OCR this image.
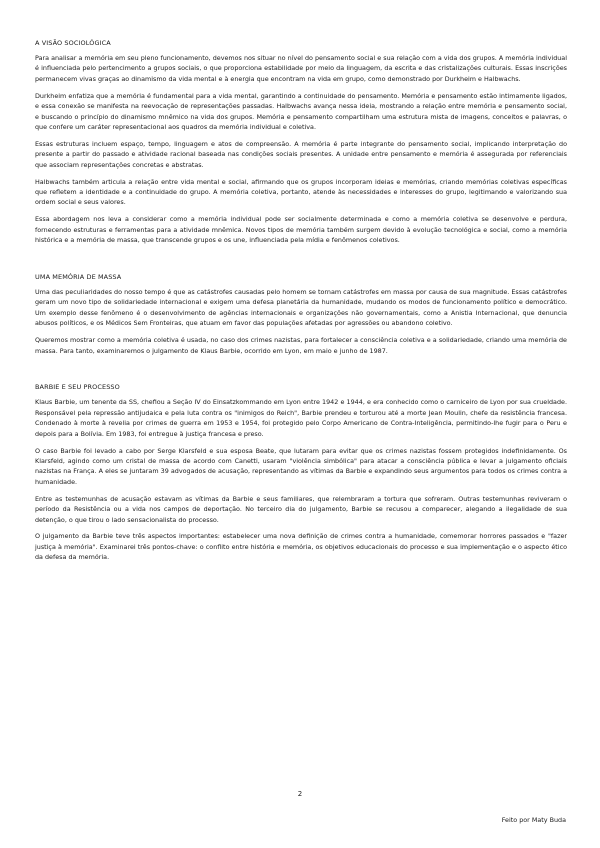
A VISÃO SOCIOLÓGICA

Para analisar a memória em seu pleno funcionamento, devemos nos situar no nível do pensamento social e sua relação com a vida dos grupos. A memória individual é influenciada pelo pertencimento a grupos sociais, o que proporciona estabilidade por meio da linguagem, da escrita e das cristalizações culturais. Essas inscrições permanecem vivas graças ao dinamismo da vida mental e à energia que encontram na vida em grupo, como demonstrado por Durkheim e Halbwachs.

Durkheim enfatiza que a memória é fundamental para a vida mental, garantindo a continuidade do pensamento. Memória e pensamento estão intimamente ligados, e essa conexão se manifesta na reevocação de representações passadas. Halbwachs avança nessa ideia, mostrando a relação entre memória e pensamento social, e buscando o princípio do dinamismo mnêmico na vida dos grupos. Memória e pensamento compartilham uma estrutura mista de imagens, conceitos e palavras, o que confere um caráter representacional aos quadros da memória individual e coletiva.

Essas estruturas incluem espaço, tempo, linguagem e atos de compreensão. A memória é parte integrante do pensamento social, implicando interpretação do presente a partir do passado e atividade racional baseada nas condições sociais presentes. A unidade entre pensamento e memória é assegurada por referenciais que associam representações concretas e abstratas.

Halbwachs também articula a relação entre vida mental e social, afirmando que os grupos incorporam ideias e memórias, criando memórias coletivas específicas que refletem a identidade e a continuidade do grupo. A memória coletiva, portanto, atende às necessidades e interesses do grupo, legitimando e valorizando sua ordem social e seus valores.

Essa abordagem nos leva a considerar como a memória individual pode ser socialmente determinada e como a memória coletiva se desenvolve e perdura, fornecendo estruturas e ferramentas para a atividade mnêmica. Novos tipos de memória também surgem devido à evolução tecnológica e social, como a memória histórica e a memória de massa, que transcende grupos e os une, influenciada pela mídia e fenômenos coletivos.

UMA MEMÓRIA DE MASSA

Uma das peculiaridades do nosso tempo é que as catástrofes causadas pelo homem se tornam catástrofes em massa por causa de sua magnitude. Essas catástrofes geram um novo tipo de solidariedade internacional e exigem uma defesa planetária da humanidade, mudando os modos de funcionamento político e democrático. Um exemplo desse fenômeno é o desenvolvimento de agências internacionais e organizações não governamentais, como a Anistia Internacional, que denuncia abusos políticos, e os Médicos Sem Fronteiras, que atuam em favor das populações afetadas por agressões ou abandono coletivo.

Queremos mostrar como a memória coletiva é usada, no caso dos crimes nazistas, para fortalecer a consciência coletiva e a solidariedade, criando uma memória de massa. Para tanto, examinaremos o julgamento de Klaus Barbie, ocorrido em Lyon, em maio e junho de 1987.

BARBIE E SEU PROCESSO

Klaus Barbie, um tenente da SS, chefiou a Seção IV do Einsatzkommando em Lyon entre 1942 e 1944, e era conhecido como o carniceiro de Lyon por sua crueldade. Responsável pela repressão antijudaica e pela luta contra os "inimigos do Reich", Barbie prendeu e torturou até a morte Jean Moulin, chefe da resistência francesa. Condenado à morte à revelia por crimes de guerra em 1953 e 1954, foi protegido pelo Corpo Americano de Contra-Inteligência, permitindo-lhe fugir para o Peru e depois para a Bolívia. Em 1983, foi entregue à justiça francesa e preso.

O caso Barbie foi levado a cabo por Serge Klarsfeld e sua esposa Beate, que lutaram para evitar que os crimes nazistas fossem protegidos indefinidamente. Os Klarsfeld, agindo como um cristal de massa de acordo com Canetti, usaram "violência simbólica" para atacar a consciência pública e levar a julgamento oficiais nazistas na França. A eles se juntaram 39 advogados de acusação, representando as vítimas da Barbie e expandindo seus argumentos para todos os crimes contra a humanidade.

Entre as testemunhas de acusação estavam as vítimas da Barbie e seus familiares, que relembraram a tortura que sofreram. Outras testemunhas reviveram o período da Resistência ou a vida nos campos de deportação. No terceiro dia do julgamento, Barbie se recusou a comparecer, alegando a ilegalidade de sua detenção, o que tirou o lado sensacionalista do processo.

O julgamento da Barbie teve três aspectos importantes: estabelecer uma nova definição de crimes contra a humanidade, comemorar horrores passados e "fazer justiça à memória". Examinarei três pontos-chave: o conflito entre história e memória, os objetivos educacionais do processo e sua implementação e o aspecto ético da defesa da memória.

2
Feito por Maty Buda
